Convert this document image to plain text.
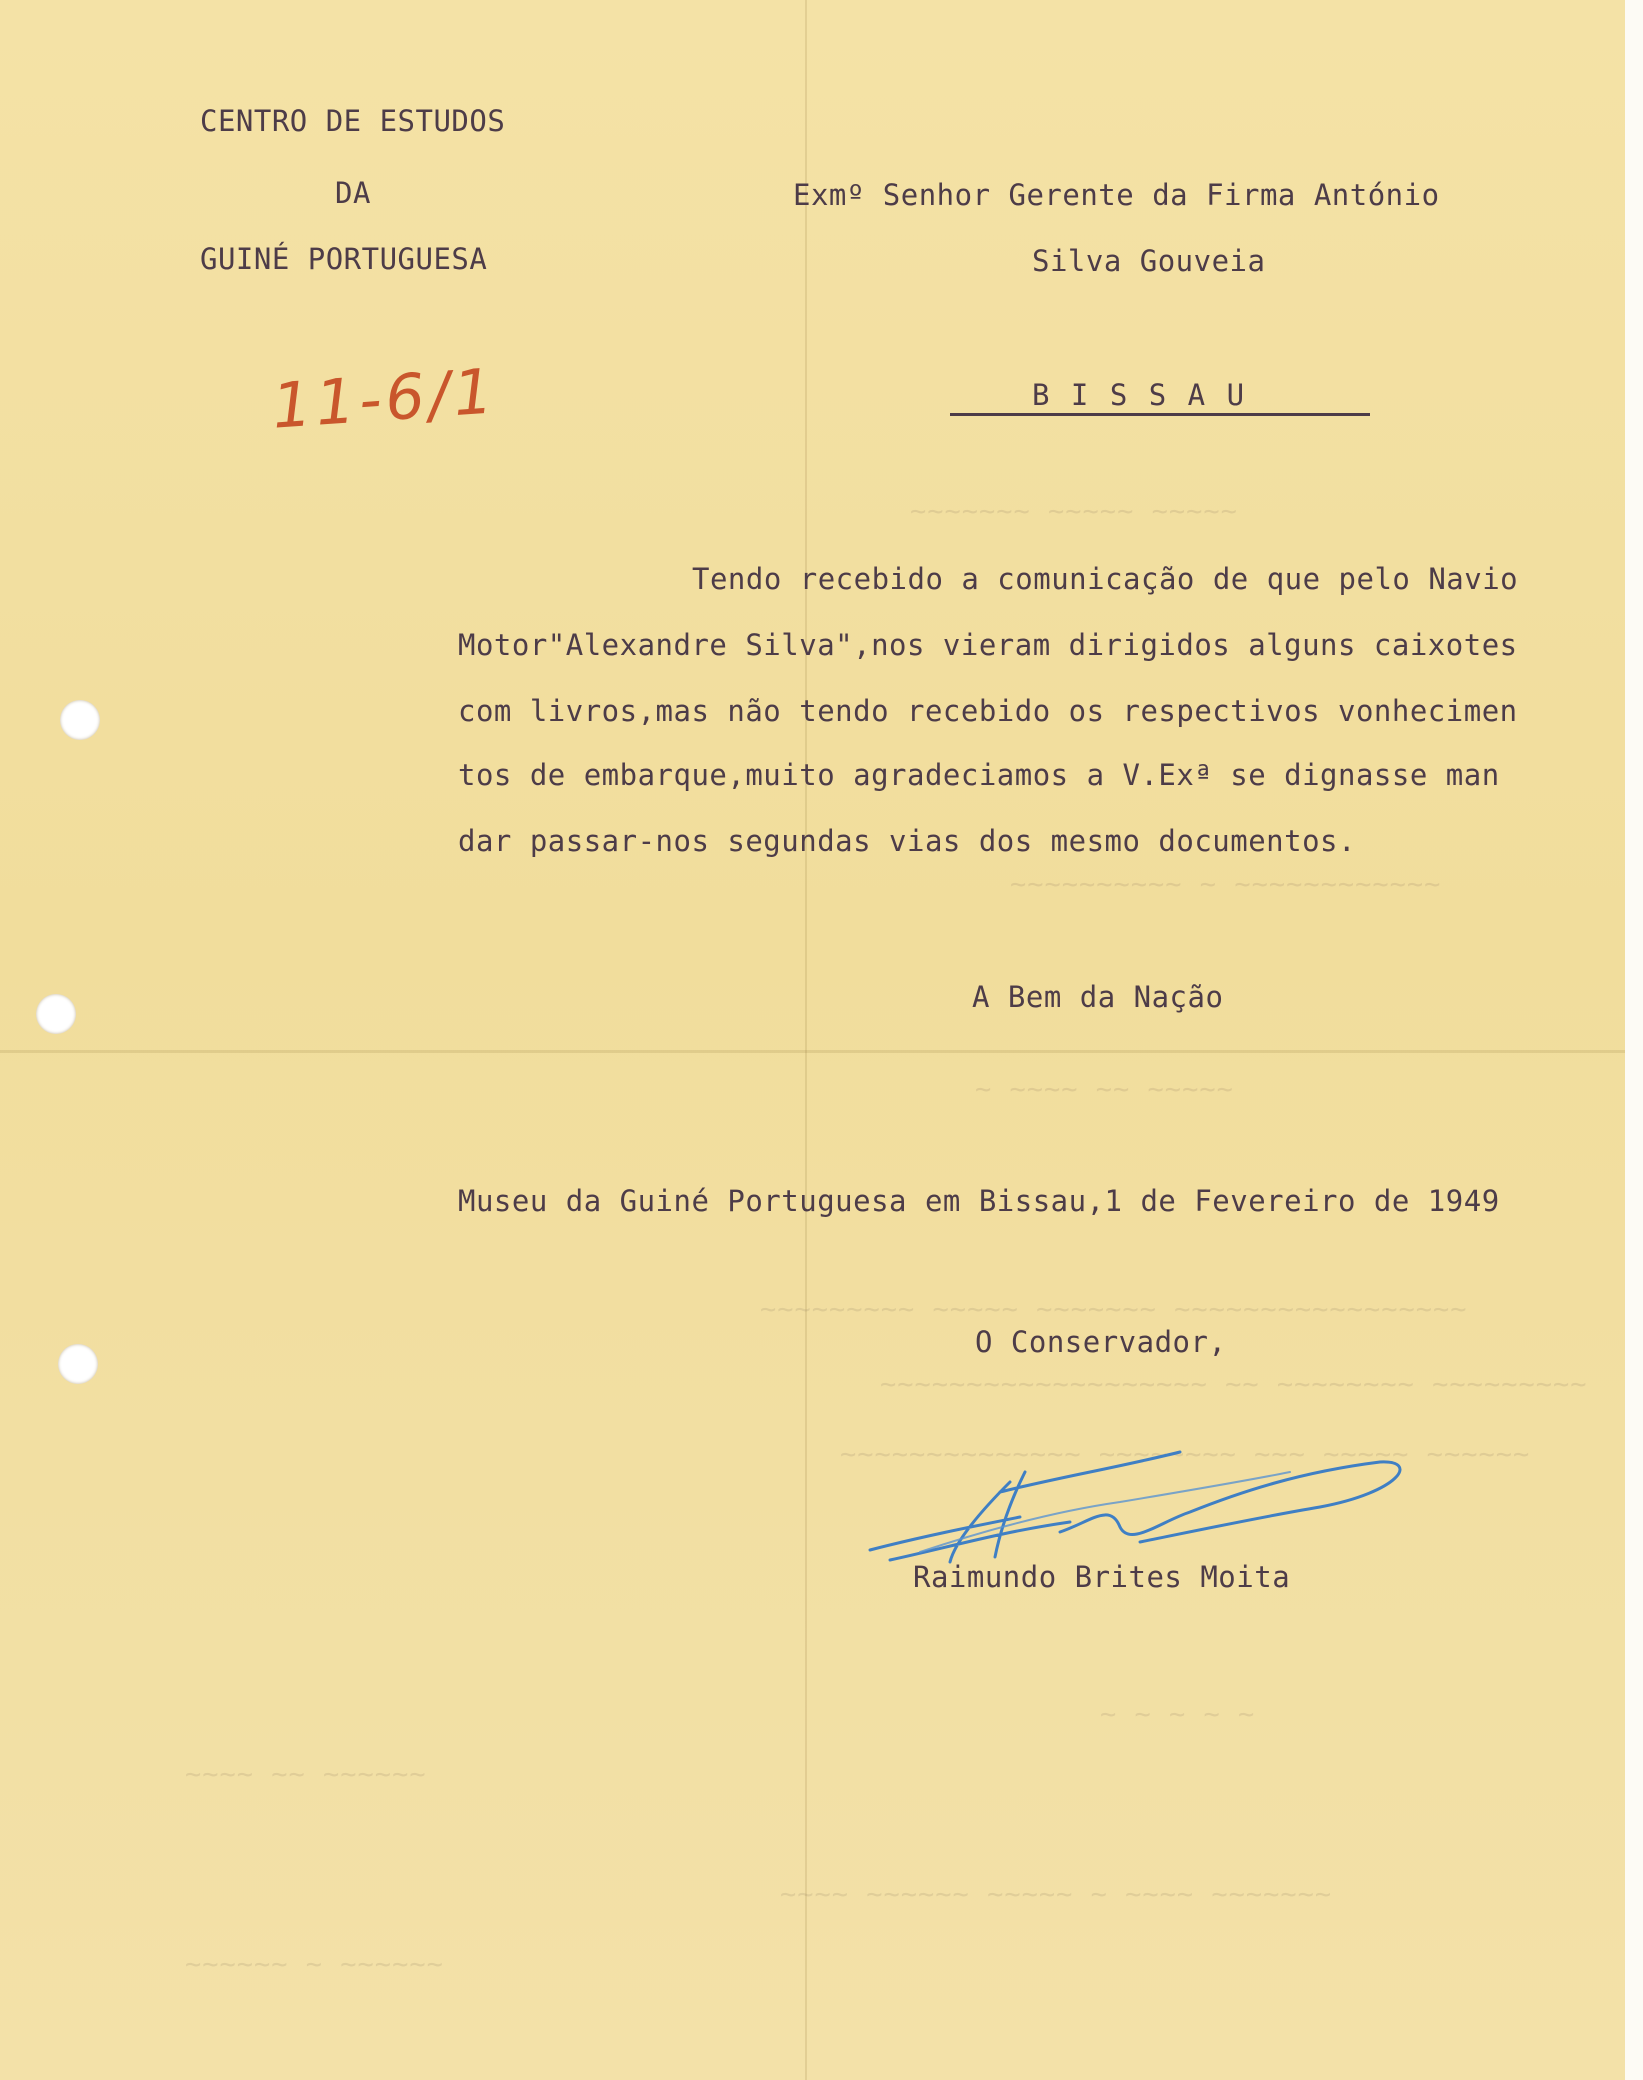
~~~~~~~ ~~~~~ ~~~~~
~~~~~~~~~~ ~ ~~~~~~~~~~~~
~ ~~~~ ~~ ~~~~~
~~~~~~~~~ ~~~~~ ~~~~~~~ ~~~~~~~~~~~~~~~~~
~~~~~~~~~~~~~~~~~~~ ~~ ~~~~~~~~ ~~~~~~~~~
~~~~~~~~~~~~~~ ~~~~~~~~ ~~~ ~~~~~ ~~~~~~
~ ~ ~ ~ ~
~~~~ ~~ ~~~~~~
~~~~ ~~~~~~ ~~~~~ ~ ~~~~ ~~~~~~~
~~~~~~ ~ ~~~~~~

CENTRO DE ESTUDOS

DA

GUINÉ PORTUGUESA

11-6/1

Exmº Senhor Gerente da Firma António

Silva Gouveia

B I S S A U

Tendo recebido a comunicação de que pelo Navio

Motor"Alexandre Silva",nos vieram dirigidos alguns caixotes

com livros,mas não tendo recebido os respectivos vonhecimen

tos de embarque,muito agradeciamos a V.Exª se dignasse man

dar passar-nos segundas vias dos mesmo documentos.

A Bem da Nação

Museu da Guiné Portuguesa em Bissau,1 de Fevereiro de 1949

O Conservador,

Raimundo Brites Moita
